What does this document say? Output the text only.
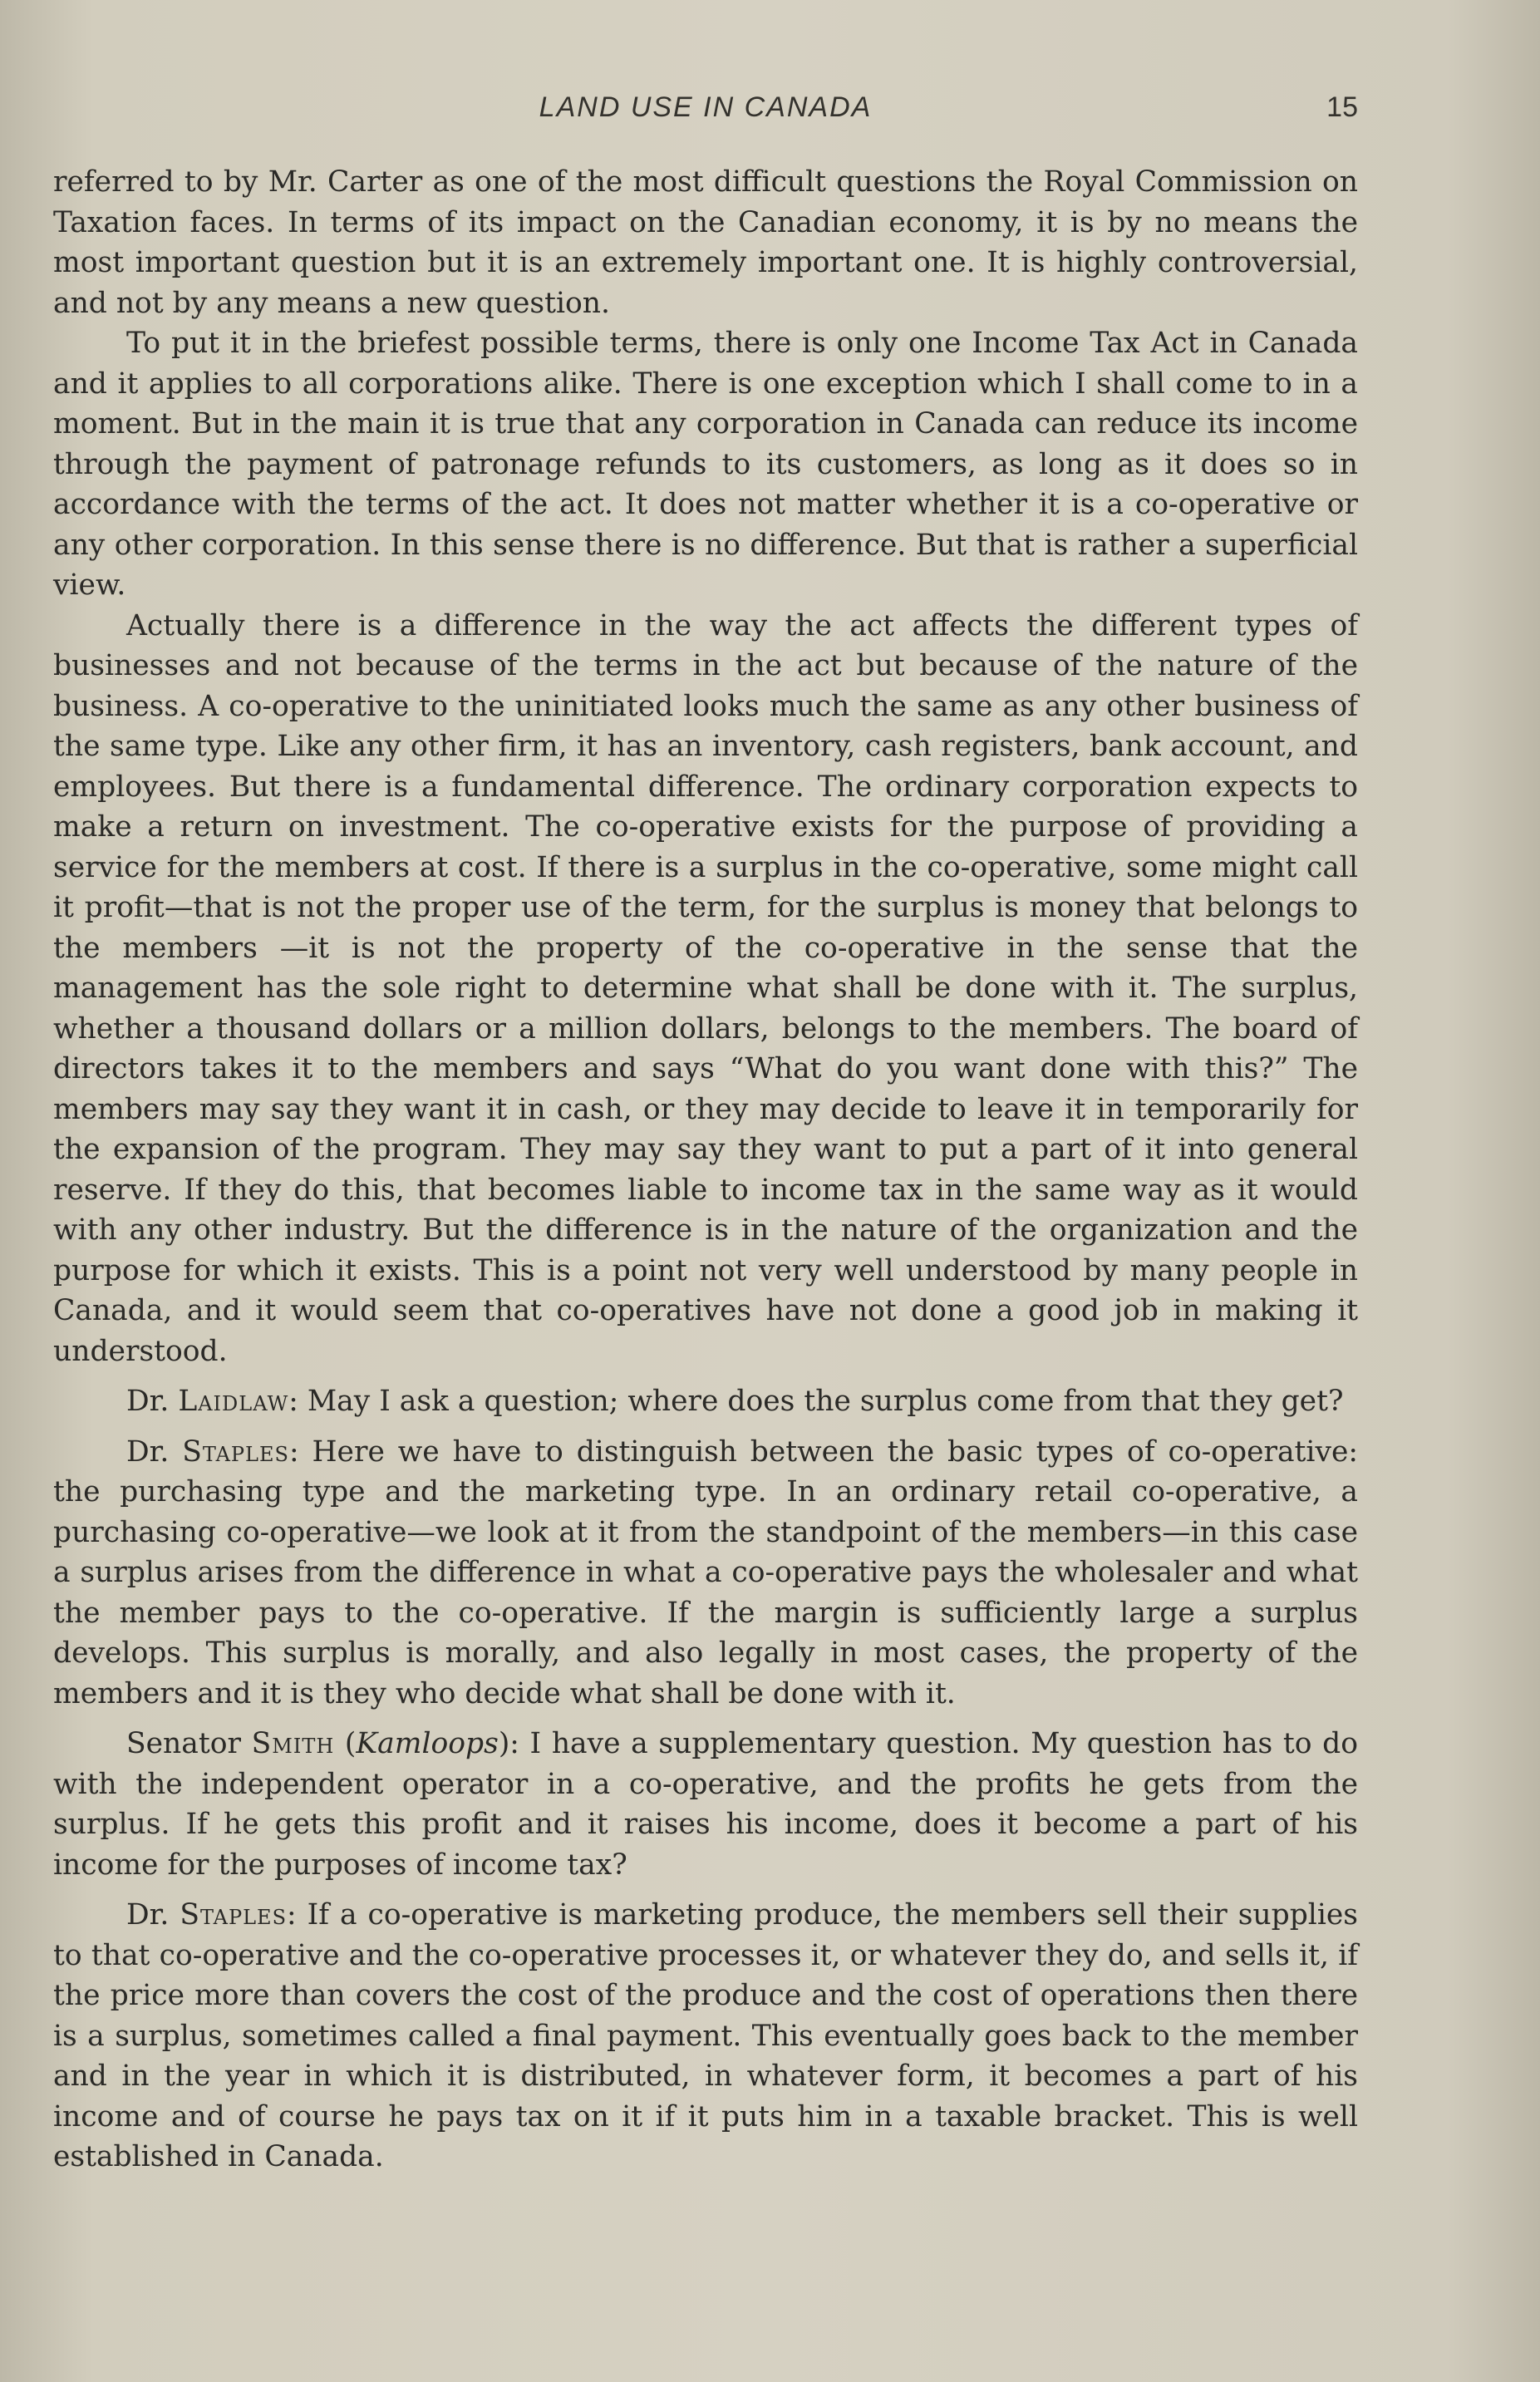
LAND USE IN CANADA	15

referred to by Mr. Carter as one of the most difficult questions the Royal Commission on Taxation faces. In terms of its impact on the Canadian economy, it is by no means the most important question but it is an extremely important one. It is highly controversial, and not by any means a new question.

To put it in the briefest possible terms, there is only one Income Tax Act in Canada and it applies to all corporations alike. There is one exception which I shall come to in a moment. But in the main it is true that any corporation in Canada can reduce its income through the payment of patronage refunds to its customers, as long as it does so in accordance with the terms of the act. It does not matter whether it is a co-operative or any other corporation. In this sense there is no difference. But that is rather a superficial view.

Actually there is a difference in the way the act affects the different types of businesses and not because of the terms in the act but because of the nature of the business. A co-operative to the uninitiated looks much the same as any other business of the same type. Like any other firm, it has an inventory, cash registers, bank account, and employees. But there is a fundamental difference. The ordinary corporation expects to make a return on investment. The co-operative exists for the purpose of providing a service for the members at cost. If there is a surplus in the co-operative, some might call it profit—that is not the proper use of the term, for the surplus is money that belongs to the members —it is not the property of the co-operative in the sense that the management has the sole right to determine what shall be done with it. The surplus, whether a thousand dollars or a million dollars, belongs to the members. The board of directors takes it to the members and says “What do you want done with this?” The members may say they want it in cash, or they may decide to leave it in temporarily for the expansion of the program. They may say they want to put a part of it into general reserve. If they do this, that becomes liable to income tax in the same way as it would with any other industry. But the difference is in the nature of the organization and the purpose for which it exists. This is a point not very well understood by many people in Canada, and it would seem that co-operatives have not done a good job in making it understood.

Dr. Laidlaw: May I ask a question; where does the surplus come from that they get?

Dr. Staples: Here we have to distinguish between the basic types of co-operative: the purchasing type and the marketing type. In an ordinary retail co-operative, a purchasing co-operative—we look at it from the standpoint of the members—in this case a surplus arises from the difference in what a co-operative pays the wholesaler and what the member pays to the co-operative. If the margin is sufficiently large a surplus develops. This surplus is morally, and also legally in most cases, the property of the members and it is they who decide what shall be done with it.

Senator Smith (Kamloops): I have a supplementary question. My question has to do with the independent operator in a co-operative, and the profits he gets from the surplus. If he gets this profit and it raises his income, does it become a part of his income for the purposes of income tax?

Dr. Staples: If a co-operative is marketing produce, the members sell their supplies to that co-operative and the co-operative processes it, or whatever they do, and sells it, if the price more than covers the cost of the produce and the cost of operations then there is a surplus, sometimes called a final payment. This eventually goes back to the member and in the year in which it is distributed, in whatever form, it becomes a part of his income and of course he pays tax on it if it puts him in a taxable bracket. This is well established in Canada.
